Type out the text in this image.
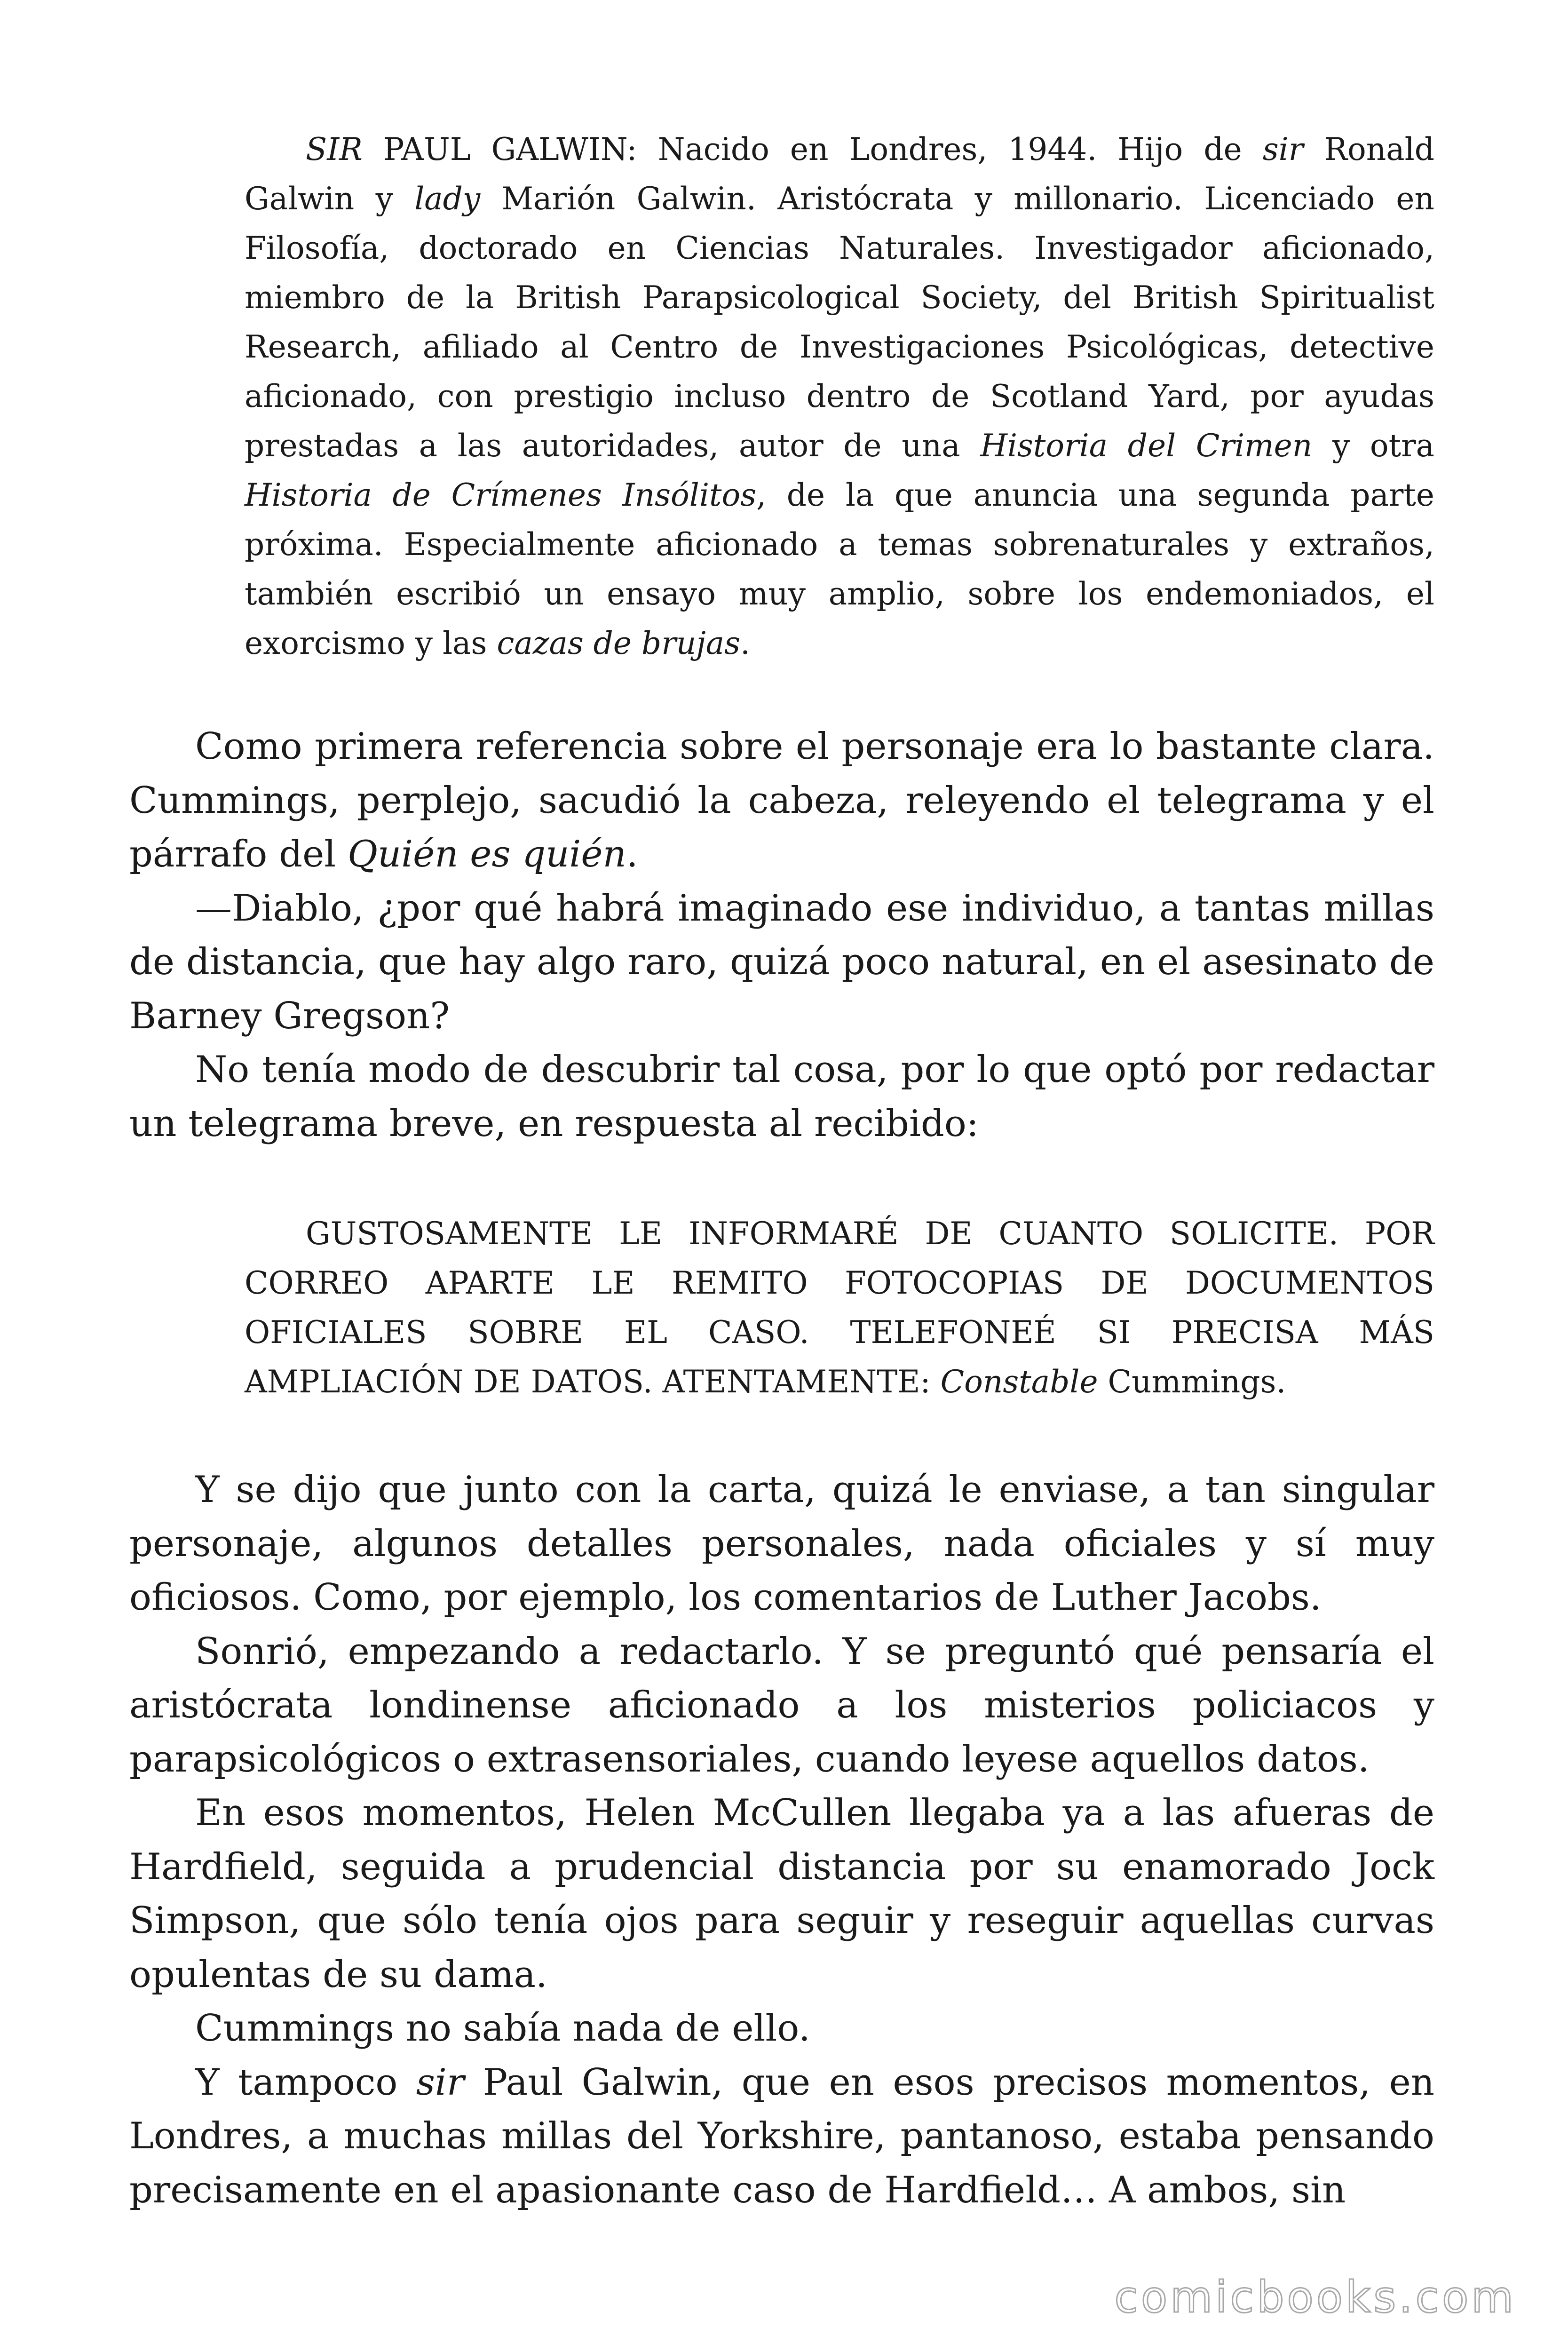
SIR PAUL GALWIN: Nacido en Londres, 1944. Hijo de sir Ronald Galwin y lady Marión Galwin. Aristócrata y millonario. Licenciado en Filosofía, doctorado en Ciencias Naturales. Investigador aficionado, miembro de la British Parapsicological Society, del British Spiritualist Research, afiliado al Centro de Investigaciones Psicológicas, detective aficionado, con prestigio incluso dentro de Scotland Yard, por ayudas prestadas a las autoridades, autor de una Historia del Crimen y otra Historia de Crímenes Insólitos, de la que anuncia una segunda parte próxima. Especialmente aficionado a temas sobrenaturales y extraños, también escribió un ensayo muy amplio, sobre los endemoniados, el exorcismo y las cazas de brujas.

Como primera referencia sobre el personaje era lo bastante clara. Cummings, perplejo, sacudió la cabeza, releyendo el telegrama y el párrafo del Quién es quién.

—Diablo, ¿por qué habrá imaginado ese individuo, a tantas millas de distancia, que hay algo raro, quizá poco natural, en el asesinato de Barney Gregson?

No tenía modo de descubrir tal cosa, por lo que optó por redactar un telegrama breve, en respuesta al recibido:

GUSTOSAMENTE LE INFORMARÉ DE CUANTO SOLICITE. POR CORREO APARTE LE REMITO FOTOCOPIAS DE DOCUMENTOS OFICIALES SOBRE EL CASO. TELEFONEÉ SI PRECISA MÁS AMPLIACIÓN DE DATOS. ATENTAMENTE: Constable Cummings.

Y se dijo que junto con la carta, quizá le enviase, a tan singular personaje, algunos detalles personales, nada oficiales y sí muy oficiosos. Como, por ejemplo, los comentarios de Luther Jacobs.

Sonrió, empezando a redactarlo. Y se preguntó qué pensaría el aristócrata londinense aficionado a los misterios policiacos y parapsicológicos o extrasensoriales, cuando leyese aquellos datos.

En esos momentos, Helen McCullen llegaba ya a las afueras de Hardfield, seguida a prudencial distancia por su enamorado Jock Simpson, que sólo tenía ojos para seguir y reseguir aquellas curvas opulentas de su dama.

Cummings no sabía nada de ello.

Y tampoco sir Paul Galwin, que en esos precisos momentos, en Londres, a muchas millas del Yorkshire, pantanoso, estaba pensando precisamente en el apasionante caso de Hardfield… A ambos, sin

comicbooks.com
